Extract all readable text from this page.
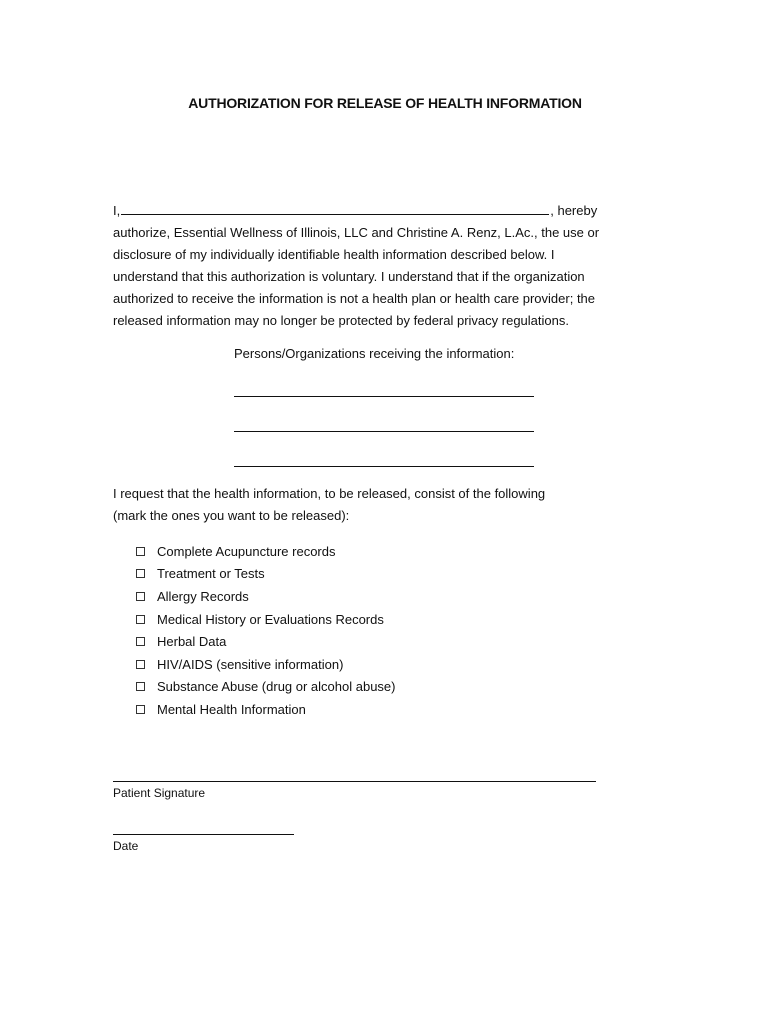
AUTHORIZATION FOR RELEASE OF HEALTH INFORMATION
I,	, hereby
authorize, Essential Wellness of Illinois, LLC and Christine A. Renz, L.Ac., the use or
disclosure of my individually identifiable health information described below. I
understand that this authorization is voluntary. I understand that if the organization
authorized to receive the information is not a health plan or health care provider; the
released information may no longer be protected by federal privacy regulations.
Persons/Organizations receiving the information:
I request that the health information, to be released, consist of the following
(mark the ones you want to be released):
Complete Acupuncture records
Treatment or Tests
Allergy Records
Medical History or Evaluations Records
Herbal Data
HIV/AIDS (sensitive information)
Substance Abuse (drug or alcohol abuse)
Mental Health Information
Patient Signature
Date
